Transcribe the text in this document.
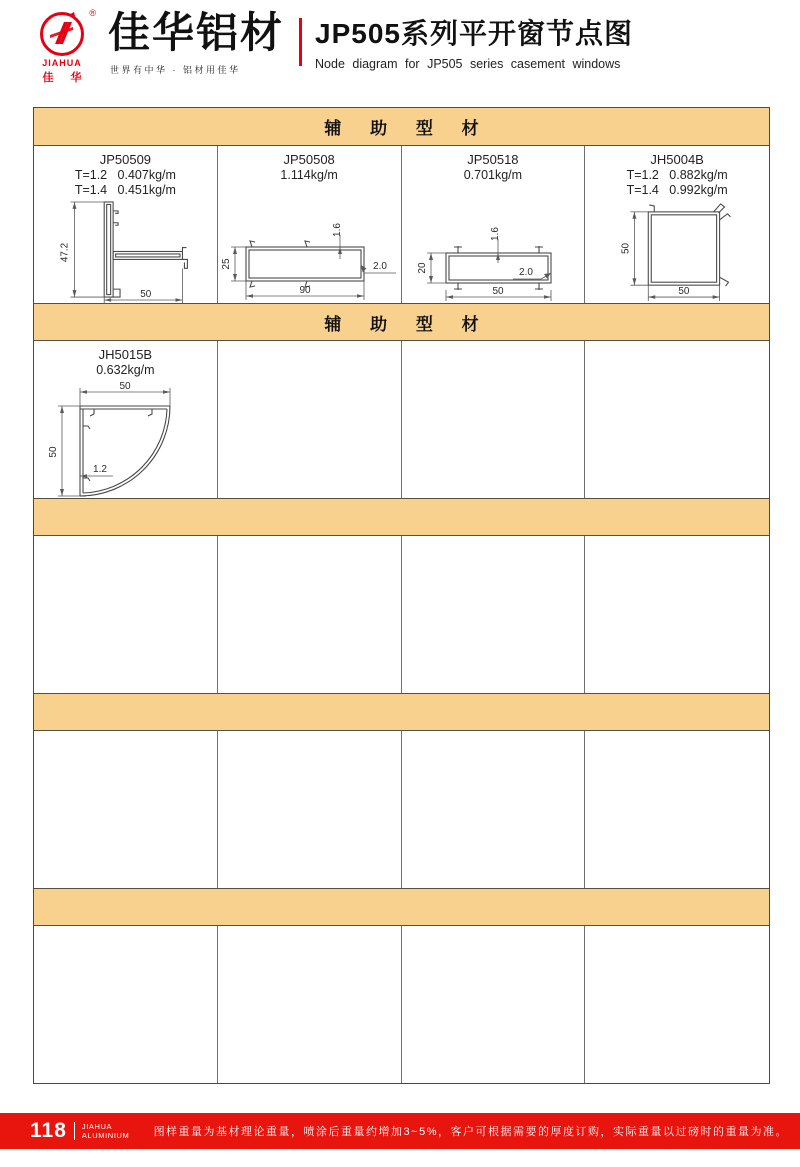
®
JIAHUA
佳 华
佳华铝材
世界有中华 · 铝材用佳华
JP505系列平开窗节点图
Node diagram for JP505 series casement windows
辅 助 型 材
JP50509
T=1.2   0.407kg/m
T=1.4   0.451kg/m
47.2
50
JP50508
1.114kg/m
25
90
1.6
2.0
JP50518
0.701kg/m
20
50
1.6
2.0
JH5004B
T=1.2   0.882kg/m
T=1.4   0.992kg/m
50
50
辅 助 型 材
JH5015B
0.632kg/m
50
50
1.2
118 JIAHUA
ALUMINIUM 图样重量为基材理论重量，喷涂后重量约增加3~5%，客户可根据需要的厚度订购，实际重量以过磅时的重量为准。
